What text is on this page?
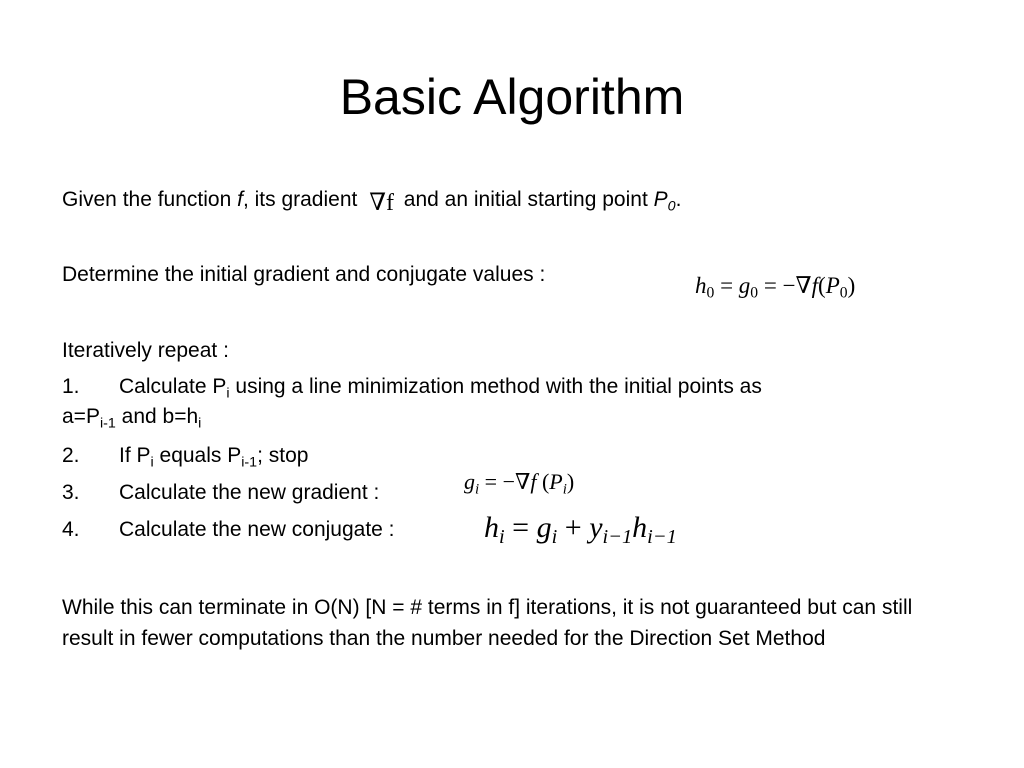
Basic Algorithm
Given the function f, its gradient ∇f and an initial starting point $P_0$.
Determine the initial gradient and conjugate values :	$h_0 = g_0 = -\nabla f(P_0)$
Iteratively repeat :
1. Calculate $P_i$ using a line minimization method with the initial points as
$a=P_{i-1}$ and $b=h_i$
2. If $P_i$ equals $P_{i-1}$; stop
3. Calculate the new gradient :	$g_i = -\nabla f$ $(P_i)$
4. Calculate the new conjugate :	$h_i = g_i + y_{i-1}h_{i-1}$
While this can terminate in O(N) [N = # terms in f] iterations, it is not guaranteed but can still result in fewer computations than the number needed for the Direction Set Method
